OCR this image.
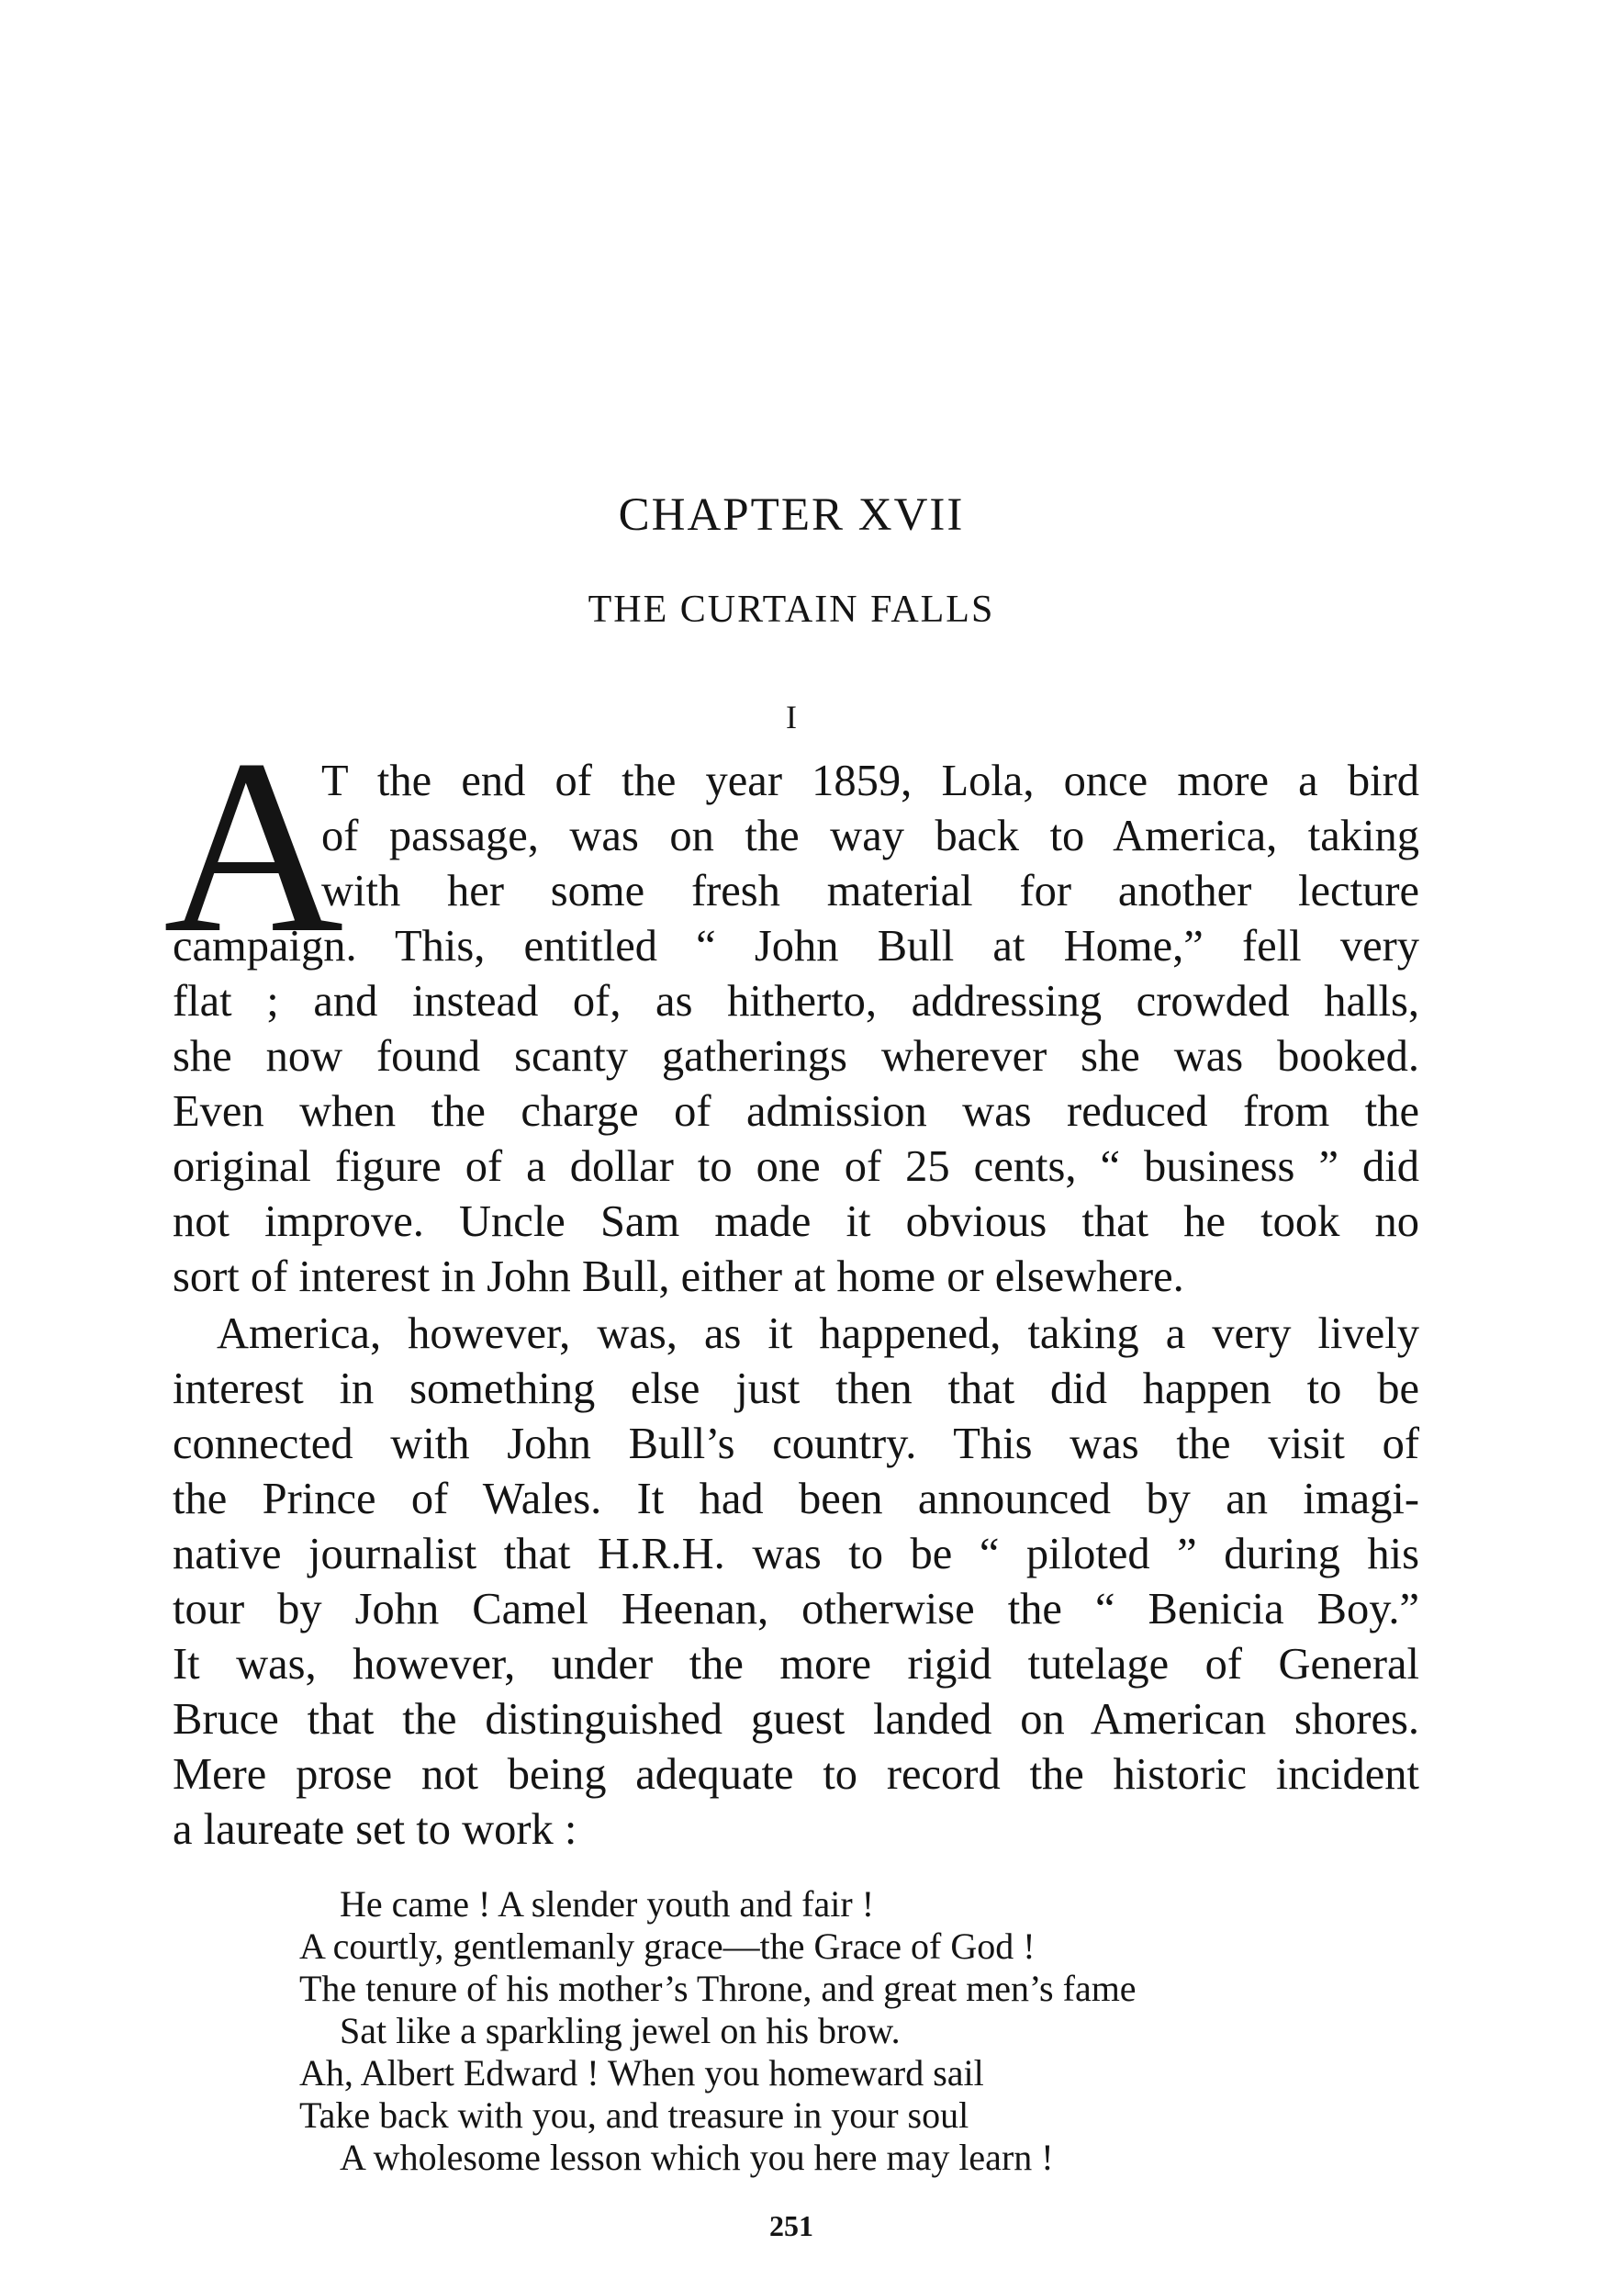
CHAPTER XVII
THE CURTAIN FALLS
I
A
T the end of the year 1859, Lola, once more a bird
of passage, was on the way back to America, taking
with her some fresh material for another lecture
campaign. This, entitled “ John Bull at Home,” fell very
flat ; and instead of, as hitherto, addressing crowded halls,
she now found scanty gatherings wherever she was booked.
Even when the charge of admission was reduced from the
original figure of a dollar to one of 25 cents, “ business ” did
not improve. Uncle Sam made it obvious that he took no
sort of interest in John Bull, either at home or elsewhere.
America, however, was, as it happened, taking a very lively
interest in something else just then that did happen to be
connected with John Bull’s country. This was the visit of
the Prince of Wales. It had been announced by an imagi-
native journalist that H.R.H. was to be “ piloted ” during his
tour by John Camel Heenan, otherwise the “ Benicia Boy.”
It was, however, under the more rigid tutelage of General
Bruce that the distinguished guest landed on American shores.
Mere prose not being adequate to record the historic incident
a laureate set to work :
He came ! A slender youth and fair !
A courtly, gentlemanly grace—the Grace of God !
The tenure of his mother’s Throne, and great men’s fame
Sat like a sparkling jewel on his brow.
Ah, Albert Edward ! When you homeward sail
Take back with you, and treasure in your soul
A wholesome lesson which you here may learn !
251
